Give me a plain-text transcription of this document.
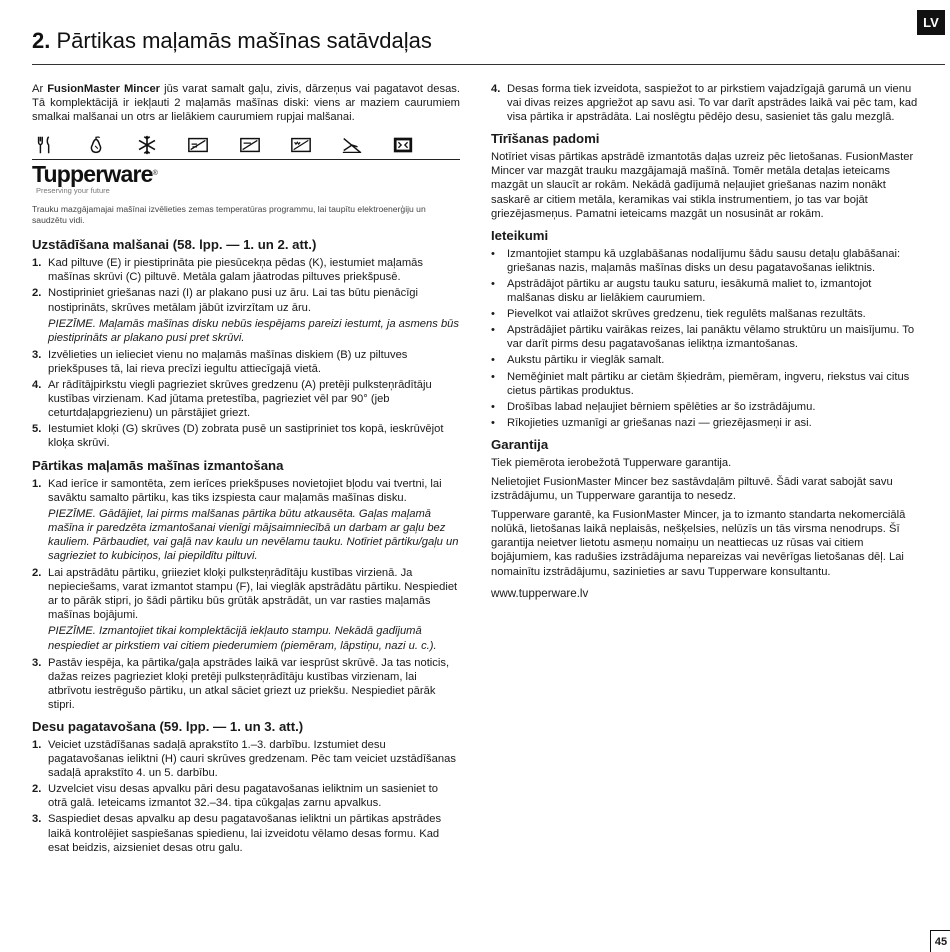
LV
2. Pārtikas maļamās mašīnas satāvdaļas

Ar FusionMaster Mincer jūs varat samalt gaļu, zivis, dārzeņus vai pagatavot desas. Tā komplektācijā ir iekļauti 2 maļamās mašīnas diski: viens ar maziem caurumiem smalkai malšanai un otrs ar lielākiem caurumiem rupjai malšanai.

Tupperware®
Preserving your future
Trauku mazgājamajai mašīnai izvēlieties zemas temperatūras programmu, lai taupītu elektroenerģiju un saudzētu vidi.
Uzstādīšana malšanai (58. lpp. — 1. un 2. att.)
1. Kad piltuve (E) ir piestiprināta pie piesūcekņa pēdas (K), iestumiet maļamās mašīnas skrūvi (C) piltuvē. Metāla galam jāatrodas piltuves priekšpusē.
2. Nostipriniet griešanas nazi (I) ar plakano pusi uz āru. Lai tas būtu pienācīgi nostiprināts, skrūves metālam jābūt izvirzītam uz āru.

PIEZĪME. Maļamās mašīnas disku nebūs iespējams pareizi iestumt, ja asmens būs piestiprināts ar plakano pusi pret skrūvi.

3. Izvēlieties un ielieciet vienu no maļamās mašīnas diskiem (B) uz piltuves priekšpuses tā, lai rieva precīzi iegultu attiecīgajā vietā.
4. Ar rādītājpirkstu viegli pagrieziet skrūves gredzenu (A) pretēji pulksteņrādītāju kustības virzienam. Kad jūtama pretestība, pagrieziet vēl par 90° (jeb ceturtdaļapgriezienu) un pārstājiet griezt.
5. Iestumiet kloķi (G) skrūves (D) zobrata pusē un sastipriniet tos kopā, ieskrūvējot kloķa skrūvi.
Pārtikas maļamās mašīnas izmantošana
1. Kad ierīce ir samontēta, zem ierīces priekšpuses novietojiet bļodu vai tvertni, lai savāktu samalto pārtiku, kas tiks izspiesta caur maļamās mašīnas disku.

PIEZĪME. Gādājiet, lai pirms malšanas pārtika būtu atkausēta. Gaļas maļamā mašīna ir paredzēta izmantošanai vienīgi mājsaimniecībā un darbam ar gaļu bez kauliem. Pārbaudiet, vai gaļā nav kaulu un nevēlamu tauku. Notīriet pārtiku/gaļu un sagrieziet to kubiciņos, lai piepildītu piltuvi.

2. Lai apstrādātu pārtiku, griieziet kloķi pulksteņrādītāju kustības virzienā. Ja nepieciešams, varat izmantot stampu (F), lai vieglāk apstrādātu pārtiku. Nespiediet ar to pārāk stipri, jo šādi pārtiku būs grūtāk apstrādāt, un var rasties maļamās mašīnas bojājumi.

PIEZĪME. Izmantojiet tikai komplektācijā iekļauto stampu. Nekādā gadījumā nespiediet ar pirkstiem vai citiem piederumiem (piemēram, lāpstiņu, nazi u. c.).

3. Pastāv iespēja, ka pārtika/gaļa apstrādes laikā var iesprūst skrūvē. Ja tas noticis, dažas reizes pagrieziet kloķi pretēji pulksteņrādītāju kustības virzienam, lai atbrīvotu iestrēgušo pārtiku, un atkal sāciet griezt uz priekšu. Nespiediet pārāk stipri.
Desu pagatavošana (59. lpp. — 1. un 3. att.)
1. Veiciet uzstādīšanas sadaļā aprakstīto 1.–3. darbību. Izstumiet desu pagatavošanas ieliktni (H) cauri skrūves gredzenam. Pēc tam veiciet uzstādīšanas sadaļā aprakstīto 4. un 5. darbību.
2. Uzvelciet visu desas apvalku pāri desu pagatavošanas ieliktnim un sasieniet to otrā galā. Ieteicams izmantot 32.–34. tipa cūkgaļas zarnu apvalkus.
3. Saspiediet desas apvalku ap desu pagatavošanas ieliktni un pārtikas apstrādes laikā kontrolējiet saspiešanas spiedienu, lai izveidotu vēlamo desas formu. Kad esat beidzis, aizsieniet desas otru galu.
4. Desas forma tiek izveidota, saspiežot to ar pirkstiem vajadzīgajā garumā un vienu vai divas reizes apgriežot ap savu asi. To var darīt apstrādes laikā vai pēc tam, kad visa pārtika ir apstrādāta. Lai noslēgtu pēdējo desu, sasieniet tās galu mezglā.
Tīrīšanas padomi

Notīriet visas pārtikas apstrādē izmantotās daļas uzreiz pēc lietošanas. FusionMaster Mincer var mazgāt trauku mazgājamajā mašīnā. Tomēr metāla detaļas ieteicams mazgāt un slaucīt ar rokām. Nekādā gadījumā neļaujiet griešanas nazim nonākt saskarē ar citiem metāla, keramikas vai stikla instrumentiem, jo tas var bojāt griezējasmeņus. Pamatni ieteicams mazgāt un nosusināt ar rokām.

Ieteikumi
•	Izmantojiet stampu kā uzglabāšanas nodalījumu šādu sausu detaļu glabāšanai: griešanas nazis, maļamās mašīnas disks un desu pagatavošanas ieliktnis.
•	Apstrādājot pārtiku ar augstu tauku saturu, iesākumā maliet to, izmantojot malšanas disku ar lielākiem caurumiem.
•	Pievelkot vai atlaižot skrūves gredzenu, tiek regulēts malšanas rezultāts.
•	Apstrādājiet pārtiku vairākas reizes, lai panāktu vēlamo struktūru un maisījumu. To var darīt pirms desu pagatavošanas ieliktņa izmantošanas.
•	Aukstu pārtiku ir vieglāk samalt.
•	Neměģiniet malt pārtiku ar cietām šķiedrām, piemēram, ingveru, riekstus vai citus cietus pārtikas produktus.
•	Drošības labad neļaujiet bērniem spēlēties ar šo izstrādājumu.
•	Rīkojieties uzmanīgi ar griešanas nazi — griezējasmeņi ir asi.
Garantija

Tiek piemērota ierobežotā Tupperware garantija.

Nelietojiet FusionMaster Mincer bez sastāvdaļām piltuvē. Šādi varat sabojāt savu izstrādājumu, un Tupperware garantija to nesedz.

Tupperware garantē, ka FusionMaster Mincer, ja to izmanto standarta nekomerciālā nolūkā, lietošanas laikā neplaisās, nešķelsies, nelūzīs un tās virsma nenodrups. Šī garantija neietver lietotu asmeņu nomaiņu un neattiecas uz rūsas vai citiem bojājumiem, kas radušies izstrādājuma nepareizas vai nevērīgas lietošanas dēļ. Lai nomainītu izstrādājumu, sazinieties ar savu Tupperware konsultantu.

www.tupperware.lv
45
